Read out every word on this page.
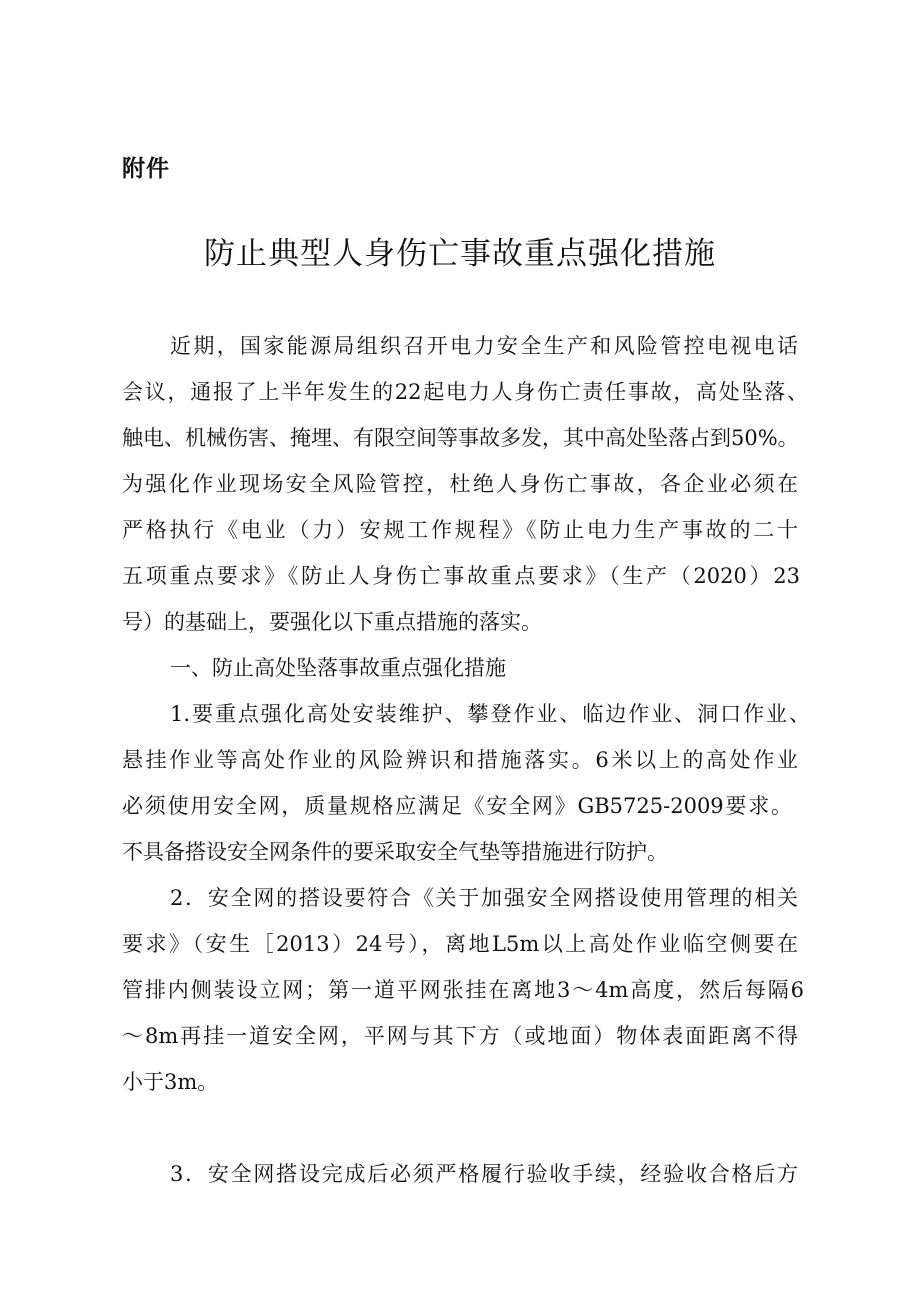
附件
防止典型人身伤亡事故重点强化措施
近期，国家能源局组织召开电力安全生产和风险管控电视电话
会议，通报了上半年发生的22起电力人身伤亡责任事故，高处坠落、
触电、机械伤害、掩埋、有限空间等事故多发，其中高处坠落占到50%。
为强化作业现场安全风险管控，杜绝人身伤亡事故，各企业必须在
严格执行《电业（力）安规工作规程》《防止电力生产事故的二十
五项重点要求》《防止人身伤亡事故重点要求》（生产（2020）23
号）的基础上，要强化以下重点措施的落实。
一、防止高处坠落事故重点强化措施
1.要重点强化高处安装维护、攀登作业、临边作业、洞口作业、
悬挂作业等高处作业的风险辨识和措施落实。6米以上的高处作业
必须使用安全网，质量规格应满足《安全网》GB5725-2009要求。
不具备搭设安全网条件的要采取安全气垫等措施进行防护。
2．安全网的搭设要符合《关于加强安全网搭设使用管理的相关
要求》（安生［2013）24号），离地L5m以上高处作业临空侧要在
管排内侧装设立网；第一道平网张挂在离地3～4m高度，然后每隔6
～8m再挂一道安全网，平网与其下方（或地面）物体表面距离不得
小于3m。
3．安全网搭设完成后必须严格履行验收手续，经验收合格后方
